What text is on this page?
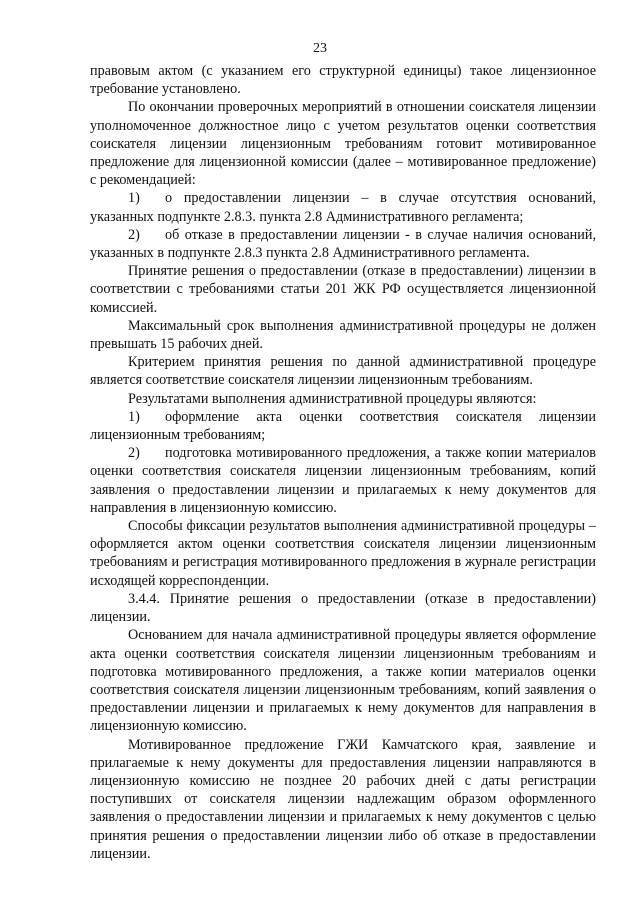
23

правовым актом (с указанием его структурной единицы) такое лицензионное требование установлено.

По окончании проверочных мероприятий в отношении соискателя лицензии уполномоченное должностное лицо с учетом результатов оценки соответствия соискателя лицензии лицензионным требованиям готовит мотивированное предложение для лицензионной комиссии (далее – мотивированное предложение) с рекомендацией:

1) о предоставлении лицензии – в случае отсутствия оснований, указанных подпункте 2.8.3. пункта 2.8 Административного регламента;

2) об отказе в предоставлении лицензии - в случае наличия оснований, указанных в подпункте 2.8.3 пункта 2.8 Административного регламента.

Принятие решения о предоставлении (отказе в предоставлении) лицензии в соответствии с требованиями статьи 201 ЖК РФ осуществляется лицензионной комиссией.

Максимальный срок выполнения административной процедуры не должен превышать 15 рабочих дней.

Критерием принятия решения по данной административной процедуре является соответствие соискателя лицензии лицензионным требованиям.

Результатами выполнения административной процедуры являются:

1) оформление акта оценки соответствия соискателя лицензии лицензионным требованиям;

2) подготовка мотивированного предложения, а также копии материалов оценки соответствия соискателя лицензии лицензионным требованиям, копий заявления о предоставлении лицензии и прилагаемых к нему документов для направления в лицензионную комиссию.

Способы фиксации результатов выполнения административной процедуры – оформляется актом оценки соответствия соискателя лицензии лицензионным требованиям и регистрация мотивированного предложения в журнале регистрации исходящей корреспонденции.

3.4.4. Принятие решения о предоставлении (отказе в предоставлении) лицензии.

Основанием для начала административной процедуры является оформление акта оценки соответствия соискателя лицензии лицензионным требованиям и подготовка мотивированного предложения, а также копии материалов оценки соответствия соискателя лицензии лицензионным требованиям, копий заявления о предоставлении лицензии и прилагаемых к нему документов для направления в лицензионную комиссию.

Мотивированное предложение ГЖИ Камчатского края, заявление и прилагаемые к нему документы для предоставления лицензии направляются в лицензионную комиссию не позднее 20 рабочих дней с даты регистрации поступивших от соискателя лицензии надлежащим образом оформленного заявления о предоставлении лицензии и прилагаемых к нему документов с целью принятия решения о предоставлении лицензии либо об отказе в предоставлении лицензии.
